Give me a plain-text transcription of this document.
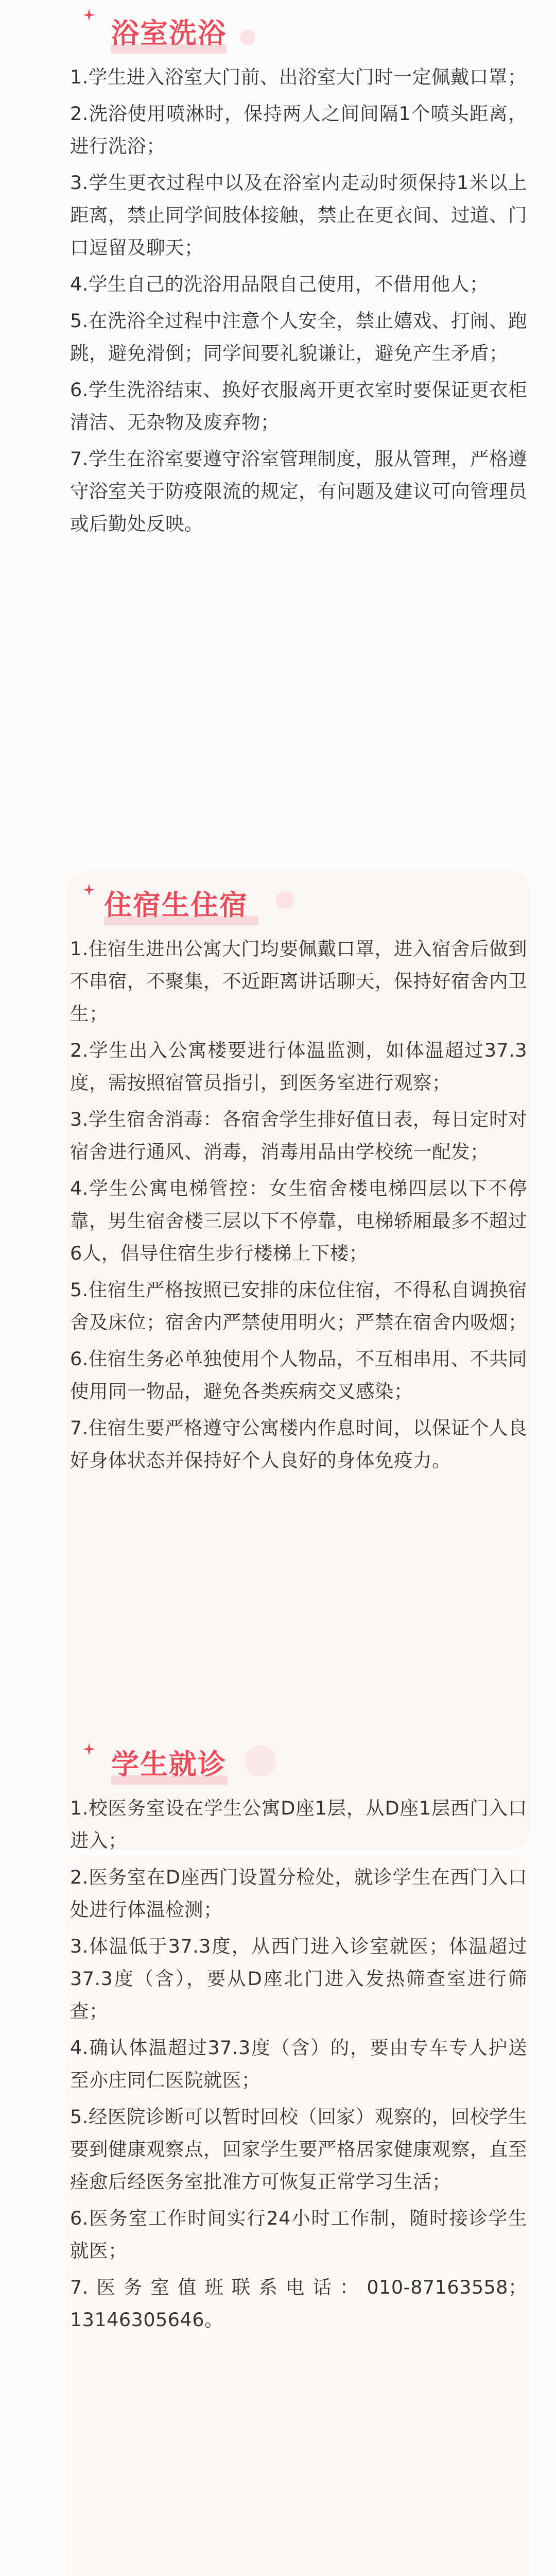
浴室洗浴

1.学生进入浴室大门前、出浴室大门时一定佩戴口罩；

2.洗浴使用喷淋时，保持两人之间间隔1个喷头距离，进行洗浴；

3.学生更衣过程中以及在浴室内走动时须保持1米以上距离，禁止同学间肢体接触，禁止在更衣间、过道、门口逗留及聊天；

4.学生自己的洗浴用品限自己使用，不借用他人；

5.在洗浴全过程中注意个人安全，禁止嬉戏、打闹、跑跳，避免滑倒；同学间要礼貌谦让，避免产生矛盾；

6.学生洗浴结束、换好衣服离开更衣室时要保证更衣柜清洁、无杂物及废弃物；

7.学生在浴室要遵守浴室管理制度，服从管理，严格遵守浴室关于防疫限流的规定，有问题及建议可向管理员或后勤处反映。

住宿生住宿

1.住宿生进出公寓大门均要佩戴口罩，进入宿舍后做到不串宿，不聚集，不近距离讲话聊天，保持好宿舍内卫生；

2.学生出入公寓楼要进行体温监测，如体温超过37.3度，需按照宿管员指引，到医务室进行观察；

3.学生宿舍消毒：各宿舍学生排好值日表，每日定时对宿舍进行通风、消毒，消毒用品由学校统一配发；

4.学生公寓电梯管控：女生宿舍楼电梯四层以下不停靠，男生宿舍楼三层以下不停靠，电梯轿厢最多不超过6人，倡导住宿生步行楼梯上下楼；

5.住宿生严格按照已安排的床位住宿，不得私自调换宿舍及床位；宿舍内严禁使用明火；严禁在宿舍内吸烟；

6.住宿生务必单独使用个人物品，不互相串用、不共同使用同一物品，避免各类疾病交叉感染；

7.住宿生要严格遵守公寓楼内作息时间，以保证个人良好身体状态并保持好个人良好的身体免疫力。

学生就诊

1.校医务室设在学生公寓D座1层，从D座1层西门入口进入；

2.医务室在D座西门设置分检处，就诊学生在西门入口处进行体温检测；

3.体温低于37.3度，从西门进入诊室就医；体温超过37.3度（含），要从D座北门进入发热筛查室进行筛查；

4.确认体温超过37.3度（含）的，要由专车专人护送至亦庄同仁医院就医；

5.经医院诊断可以暂时回校（回家）观察的，回校学生要到健康观察点，回家学生要严格居家健康观察，直至痊愈后经医务室批准方可恢复正常学习生活；

6.医务室工作时间实行24小时工作制，随时接诊学生就医；

7.医务室值班联系电话：010-87163558；13146305646。
